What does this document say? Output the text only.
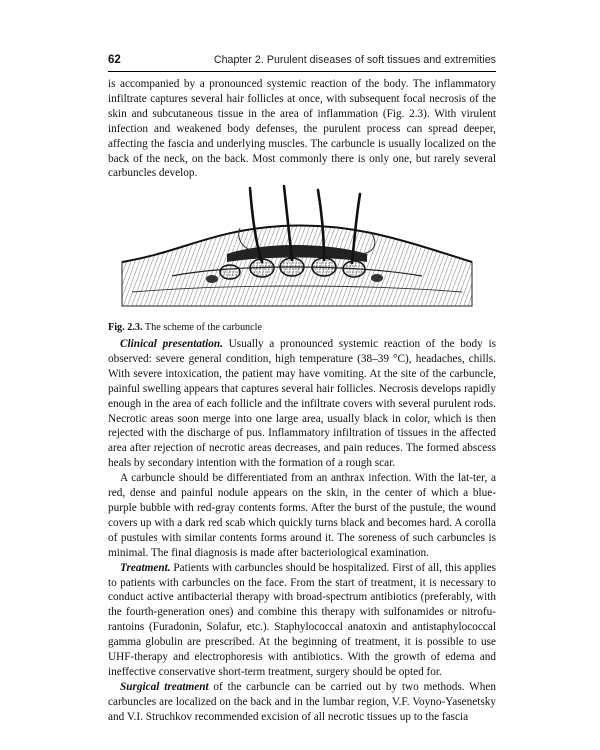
62	Chapter 2. Purulent diseases of soft tissues and extremities

is accompanied by a pronounced systemic reaction of the body. The inflammatory infiltrate captures several hair follicles at once, with subsequent focal necrosis of the skin and subcutaneous tissue in the area of inflammation (Fig. 2.3). With virulent infection and weakened body defenses, the purulent process can spread deeper, affecting the fascia and underlying muscles. The carbuncle is usually localized on the back of the neck, on the back. Most commonly there is only one, but rarely several carbuncles develop.

Fig. 2.3. The scheme of the carbuncle

Clinical presentation. Usually a pronounced systemic reaction of the body is observed: severe general condition, high temperature (38–39 °C), headaches, chills. With severe intoxication, the patient may have vomiting. At the site of the carbuncle, painful swelling appears that captures several hair follicles. Necrosis develops rapidly enough in the area of each follicle and the infiltrate covers with several purulent rods. Necrotic areas soon merge into one large area, usually black in color, which is then rejected with the discharge of pus. Inflammatory infiltration of tissues in the affected area after rejection of necrotic areas decreases, and pain reduces. The formed abscess heals by secondary intention with the formation of a rough scar.

A carbuncle should be differentiated from an anthrax infection. With the lat-ter, a red, dense and painful nodule appears on the skin, in the center of which a blue-purple bubble with red-gray contents forms. After the burst of the pustule, the wound covers up with a dark red scab which quickly turns black and becomes hard. A corolla of pustules with similar contents forms around it. The soreness of such carbuncles is minimal. The final diagnosis is made after bacteriological examination.

Treatment. Patients with carbuncles should be hospitalized. First of all, this applies to patients with carbuncles on the face. From the start of treatment, it is necessary to conduct active antibacterial therapy with broad-spectrum antibiotics (preferably, with the fourth-generation ones) and combine this therapy with sulfonamides or nitrofu-rantoins (Furadonin, Solafur, etc.). Staphylococcal anatoxin and antistaphylococcal gamma globulin are prescribed. At the beginning of treatment, it is possible to use UHF-therapy and electrophoresis with antibiotics. With the growth of edema and ineffective conservative short-term treatment, surgery should be opted for.

Surgical treatment of the carbuncle can be carried out by two methods. When carbuncles are localized on the back and in the lumbar region, V.F. Voyno-Yasenetsky and V.I. Struchkov recommended excision of all necrotic tissues up to the fascia
